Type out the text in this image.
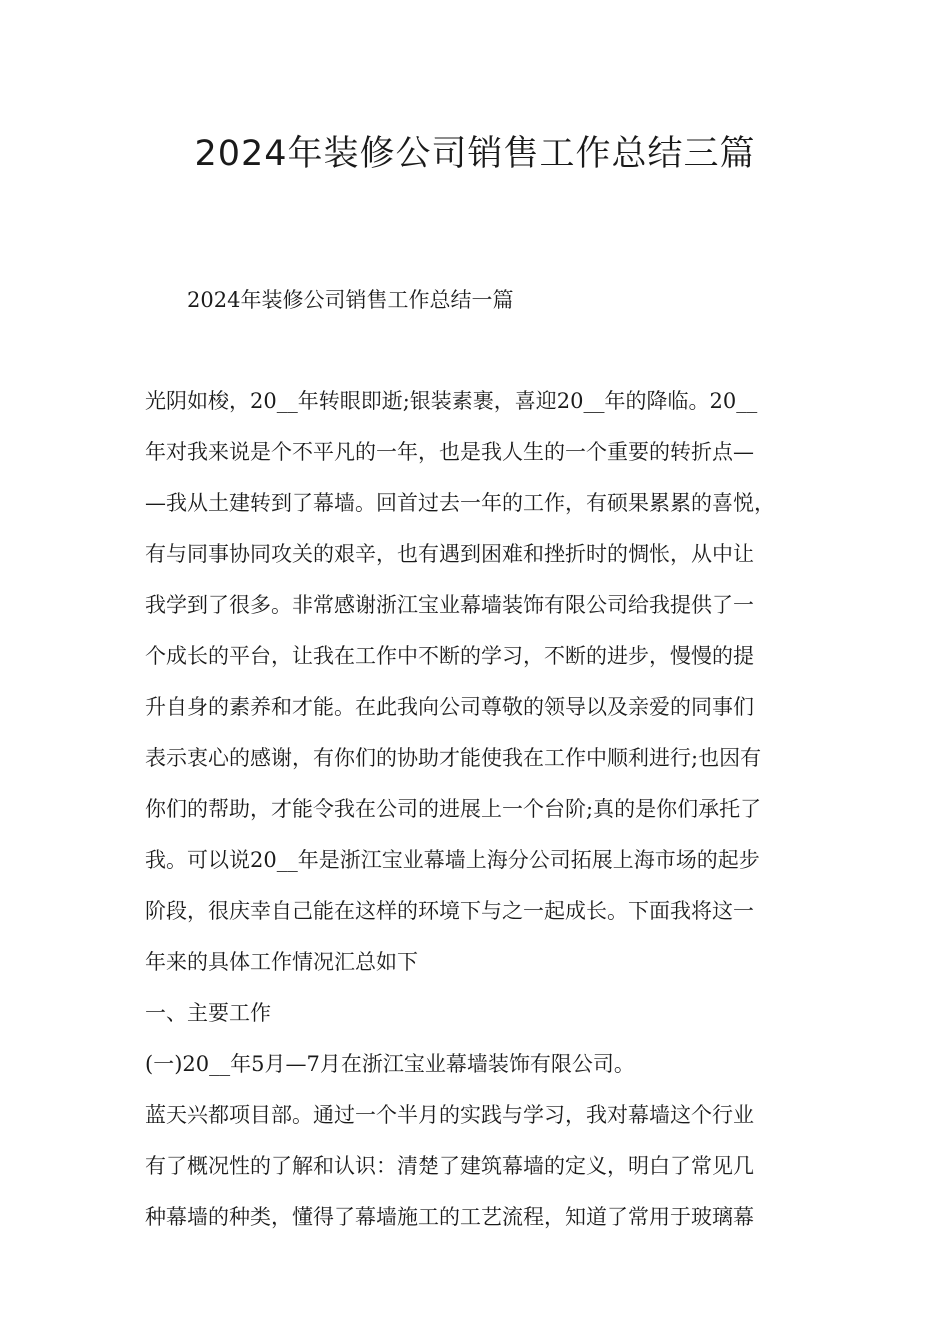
2024年装修公司销售工作总结三篇
2024年装修公司销售工作总结一篇
光阴如梭，20__年转眼即逝;银装素裹，喜迎20__年的降临。20__
年对我来说是个不平凡的一年，也是我人生的一个重要的转折点—
—我从土建转到了幕墙。回首过去一年的工作，有硕果累累的喜悦，
有与同事协同攻关的艰辛，也有遇到困难和挫折时的惆怅，从中让
我学到了很多。非常感谢浙江宝业幕墙装饰有限公司给我提供了一
个成长的平台，让我在工作中不断的学习，不断的进步，慢慢的提
升自身的素养和才能。在此我向公司尊敬的领导以及亲爱的同事们
表示衷心的感谢，有你们的协助才能使我在工作中顺利进行;也因有
你们的帮助，才能令我在公司的进展上一个台阶;真的是你们承托了
我。可以说20__年是浙江宝业幕墙上海分公司拓展上海市场的起步
阶段，很庆幸自己能在这样的环境下与之一起成长。下面我将这一
年来的具体工作情况汇总如下
一、主要工作
(一)20__年5月—7月在浙江宝业幕墙装饰有限公司。
蓝天兴都项目部。通过一个半月的实践与学习，我对幕墙这个行业
有了概况性的了解和认识：清楚了建筑幕墙的定义，明白了常见几
种幕墙的种类，懂得了幕墙施工的工艺流程，知道了常用于玻璃幕
